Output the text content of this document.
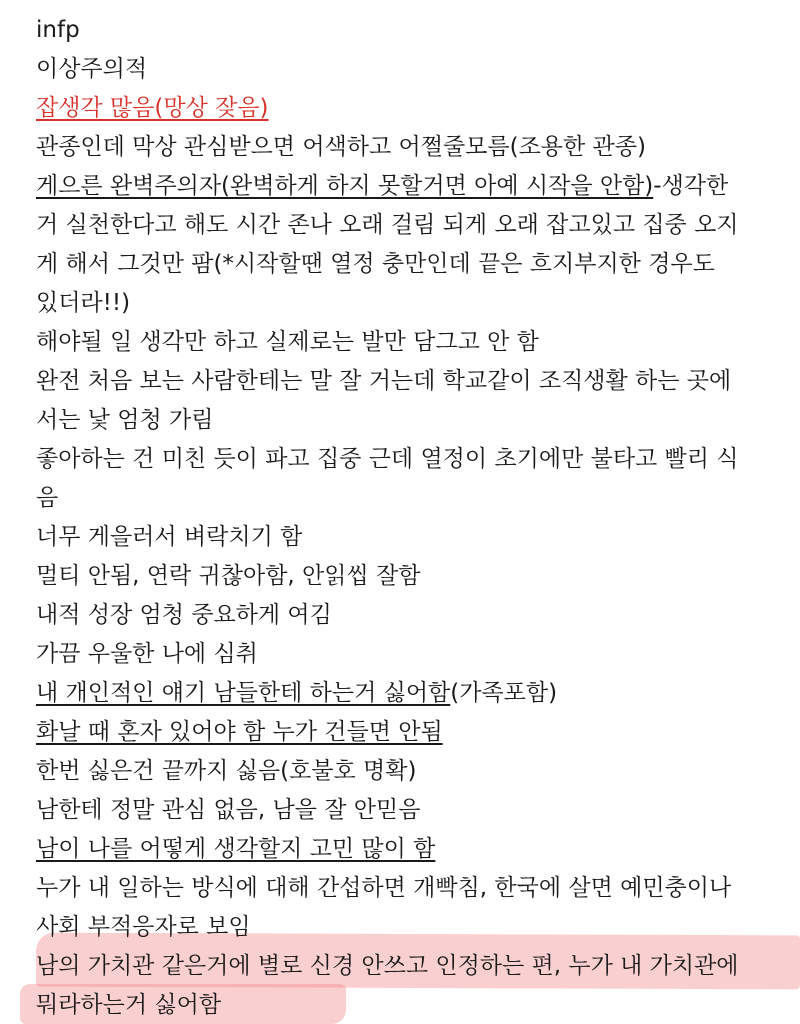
infp
이상주의적
잡생각 많음(망상 잦음)
관종인데 막상 관심받으면 어색하고 어쩔줄모름(조용한 관종)
게으른 완벽주의자(완벽하게 하지 못할거면 아예 시작을 안함)-생각한
거 실천한다고 해도 시간 존나 오래 걸림 되게 오래 잡고있고 집중 오지
게 해서 그것만 팜(*시작할땐 열정 충만인데 끝은 흐지부지한 경우도
있더라!!)
해야될 일 생각만 하고 실제로는 발만 담그고 안 함
완전 처음 보는 사람한테는 말 잘 거는데 학교같이 조직생활 하는 곳에
서는 낯 엄청 가림
좋아하는 건 미친 듯이 파고 집중 근데 열정이 초기에만 불타고 빨리 식
음
너무 게을러서 벼락치기 함
멀티 안됨, 연락 귀찮아함, 안읽씹 잘함
내적 성장 엄청 중요하게 여김
가끔 우울한 나에 심취
내 개인적인 얘기 남들한테 하는거 싫어함(가족포함)
화날 때 혼자 있어야 함 누가 건들면 안됨
한번 싫은건 끝까지 싫음(호불호 명확)
남한테 정말 관심 없음, 남을 잘 안믿음
남이 나를 어떻게 생각할지 고민 많이 함
누가 내 일하는 방식에 대해 간섭하면 개빡침, 한국에 살면 예민충이나
사회 부적응자로 보임
남의 가치관 같은거에 별로 신경 안쓰고 인정하는 편, 누가 내 가치관에
뭐라하는거 싫어함
